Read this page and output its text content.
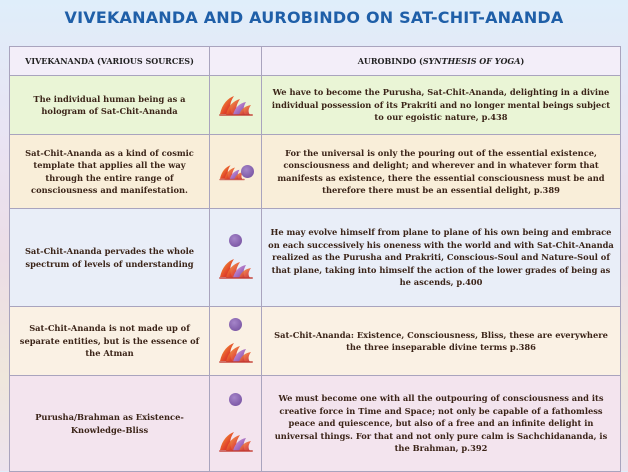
VIVEKANANDA AND AUROBINDO ON SAT-CHIT-ANANDA
VIVEKANANDA (VARIOUS SOURCES)		AUROBINDO (SYNTHESIS OF YOGA)
The individual human being as a hologram of Sat-Chit-Ananda		We have to become the Purusha, Sat-Chit-Ananda, delighting in a divine individual possession of its Prakriti and no longer mental beings subject to our egoistic nature, p.438
Sat-Chit-Ananda as a kind of cosmic template that applies all the way through the entire range of consciousness and manifestation.		For the universal is only the pouring out of the essential existence, consciousness and delight; and wherever and in whatever form that manifests as existence, there the essential consciousness must be and therefore there must be an essential delight, p.389
Sat-Chit-Ananda pervades the whole spectrum of levels of understanding		He may evolve himself from plane to plane of his own being and embrace on each successively his oneness with the world and with Sat-Chit-Ananda realized as the Purusha and Prakriti, Conscious-Soul and Nature-Soul of that plane, taking into himself the action of the lower grades of being as he ascends, p.400
Sat-Chit-Ananda is not made up of separate entities, but is the essence of the Atman		Sat-Chit-Ananda: Existence, Consciousness, Bliss, these are everywhere the three inseparable divine terms p.386
Purusha/Brahman as Existence-Knowledge-Bliss		We must become one with all the outpouring of consciousness and its creative force in Time and Space; not only be capable of a fathomless peace and quiescence, but also of a free and an infinite delight in universal things. For that and not only pure calm is Sachchidananda, is the Brahman, p.392
